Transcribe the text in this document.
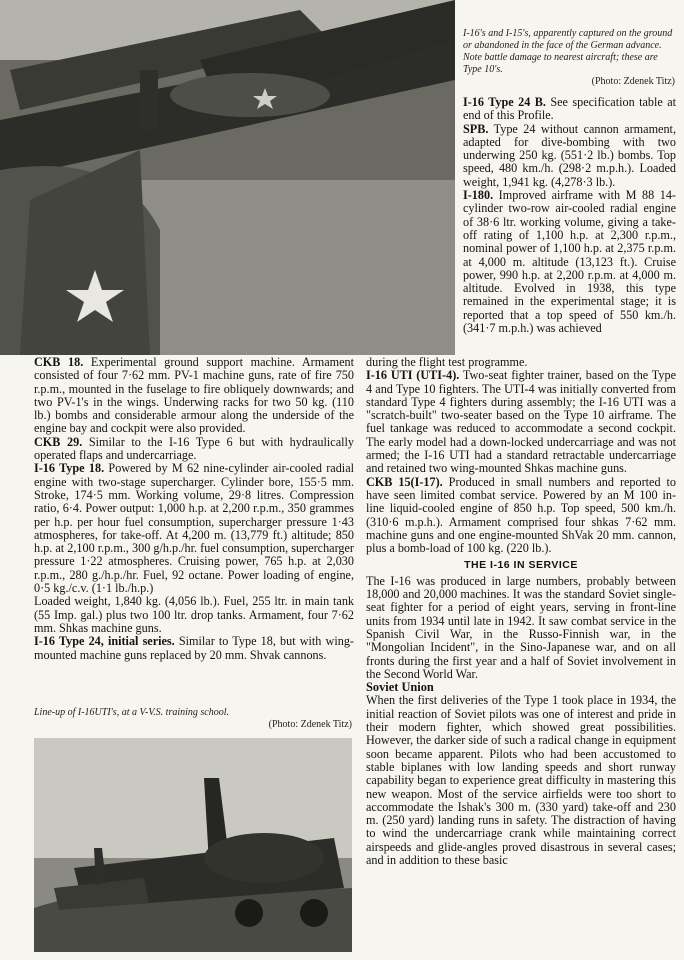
I-16's and I-15's, apparently captured on the ground or abandoned in the face of the German advance. Note battle damage to nearest aircraft; these are Type 10's.
(Photo: Zdenek Titz)

I-16 Type 24 B. See specification table at end of this Profile.

SPB. Type 24 without cannon armament, adapted for dive-bombing with two underwing 250 kg. (551·2 lb.) bombs. Top speed, 480 km./h. (298·2 m.p.h.). Loaded weight, 1,941 kg. (4,278·3 lb.).

I-180. Improved airframe with M 88 14-cylinder two-row air-cooled radial engine of 38·6 ltr. working volume, giving a take-off rating of 1,100 h.p. at 2,300 r.p.m., nominal power of 1,100 h.p. at 2,375 r.p.m. at 4,000 m. altitude (13,123 ft.). Cruise power, 990 h.p. at 2,200 r.p.m. at 4,000 m. altitude. Evolved in 1938, this type remained in the experimental stage; it is reported that a top speed of 550 km./h. (341·7 m.p.h.) was achieved

CKB 18. Experimental ground support machine. Armament consisted of four 7·62 mm. PV-1 machine guns, rate of fire 750 r.p.m., mounted in the fuselage to fire obliquely downwards; and two PV-1's in the wings. Underwing racks for two 50 kg. (110 lb.) bombs and considerable armour along the underside of the engine bay and cockpit were also provided.

CKB 29. Similar to the I-16 Type 6 but with hydraulically operated flaps and undercarriage.

I-16 Type 18. Powered by M 62 nine-cylinder air-cooled radial engine with two-stage supercharger. Cylinder bore, 155·5 mm. Stroke, 174·5 mm. Working volume, 29·8 litres. Compression ratio, 6·4. Power output: 1,000 h.p. at 2,200 r.p.m., 350 grammes per h.p. per hour fuel consumption, supercharger pressure 1·43 atmospheres, for take-off. At 4,200 m. (13,779 ft.) altitude; 850 h.p. at 2,100 r.p.m., 300 g/h.p./hr. fuel consumption, supercharger pressure 1·22 atmospheres. Cruising power, 765 h.p. at 2,030 r.p.m., 280 g./h.p./hr. Fuel, 92 octane. Power loading of engine, 0·5 kg./c.v. (1·1 lb./h.p.)

Loaded weight, 1,840 kg. (4,056 lb.). Fuel, 255 ltr. in main tank (55 Imp. gal.) plus two 100 ltr. drop tanks. Armament, four 7·62 mm. Shkas machine guns.

I-16 Type 24, initial series. Similar to Type 18, but with wing-mounted machine guns replaced by 20 mm. Shvak cannons.

Line-up of I-16UTI's, at a V-V.S. training school.
(Photo: Zdenek Titz)

during the flight test programme.

I-16 UTI (UTI-4). Two-seat fighter trainer, based on the Type 4 and Type 10 fighters. The UTI-4 was initially converted from standard Type 4 fighters during assembly; the I-16 UTI was a "scratch-built" two-seater based on the Type 10 airframe. The fuel tankage was reduced to accommodate a second cockpit. The early model had a down-locked undercarriage and was not armed; the I-16 UTI had a standard retractable undercarriage and retained two wing-mounted Shkas machine guns.

CKB 15(I-17). Produced in small numbers and reported to have seen limited combat service. Powered by an M 100 in-line liquid-cooled engine of 850 h.p. Top speed, 500 km./h. (310·6 m.p.h.). Armament comprised four shkas 7·62 mm. machine guns and one engine-mounted ShVak 20 mm. cannon, plus a bomb-load of 100 kg. (220 lb.).

THE I-16 IN SERVICE

The I-16 was produced in large numbers, probably between 18,000 and 20,000 machines. It was the standard Soviet single-seat fighter for a period of eight years, serving in front-line units from 1934 until late in 1942. It saw combat service in the Spanish Civil War, in the Russo-Finnish war, in the "Mongolian Incident", in the Sino-Japanese war, and on all fronts during the first year and a half of Soviet involvement in the Second World War.

Soviet Union

When the first deliveries of the Type 1 took place in 1934, the initial reaction of Soviet pilots was one of interest and pride in their modern fighter, which showed great possibilities. However, the darker side of such a radical change in equipment soon became apparent. Pilots who had been accustomed to stable biplanes with low landing speeds and short runway capability began to experience great difficulty in mastering this new weapon. Most of the service airfields were too short to accommodate the Ishak's 300 m. (330 yard) take-off and 230 m. (250 yard) landing runs in safety. The distraction of having to wind the undercarriage crank while maintaining correct airspeeds and glide-angles proved disastrous in several cases; and in addition to these basic
